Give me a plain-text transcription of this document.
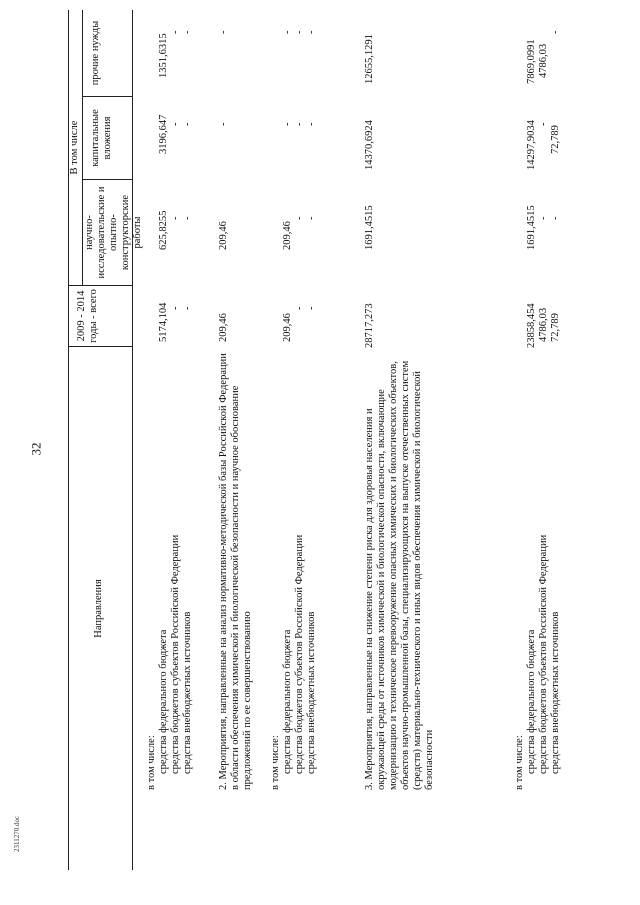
32
2311270.doc
Направления
2009 - 2014 годы - всего
В том числе
научно-исследовательские и опытно-конструкторские работы
капитальные вложения
прочие нужды
в том числе: средства федерального бюджета средства бюджетов субъектов Российской Федерации средства внебюджетных источников
5174,104 - -
625,8255 - -
3196,647 - -
1351,6315
- -
2. Мероприятия, направленные на анализ нормативно-методической базы Российской Федерации в области обеспечения химической и биологической безопасности и научное обоснование предложений по ее совершенствованию
209,46
209,46
-
-
в том числе: средства федерального бюджета средства бюджетов субъектов Российской Федерации средства внебюджетных источников
209,46
- -
209,46
- -
- - -
- - -
3. Мероприятия, направленные на снижение степени риска для здоровья населения и окружающей среды от источников химической и биологической опасности, включающие модернизацию и техническое перевооружение опасных химических и биологических объектов, объектов научно-промышленной базы, специализирующихся на выпуске отечественных систем (средств) материально-технического и иных видов обеспечения химической и биологической безопасности
28717,273
1691,4515
14370,6924
12655,1291
в том числе: средства федерального бюджета средства бюджетов субъектов Российской Федерации средства внебюджетных источников
23858,454 4786,03 72,789
1691,4515 - -
14297,9034 -
72,789
7869,0991 4786,03
-
